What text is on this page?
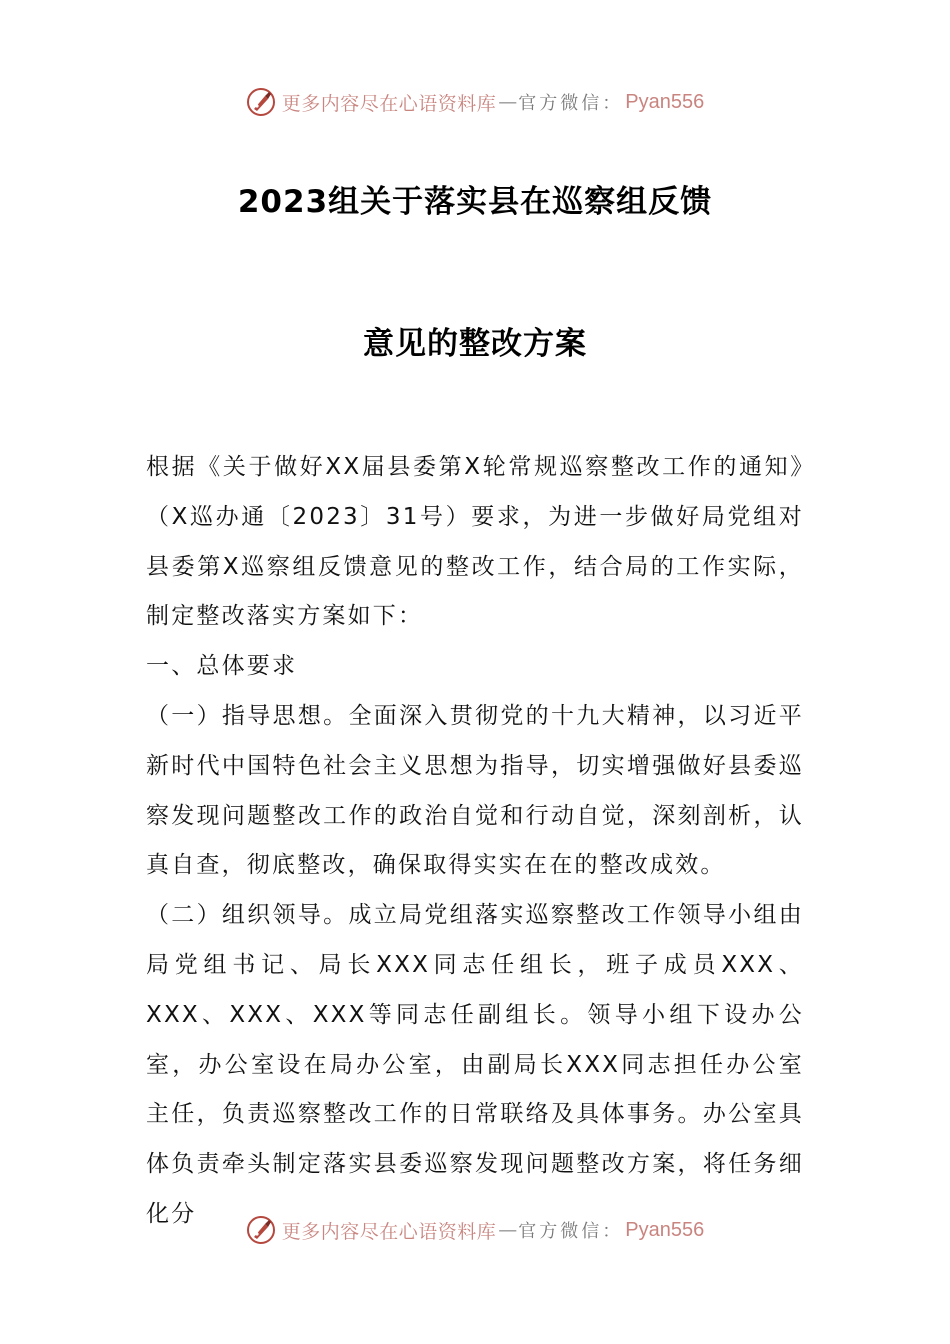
更多内容尽在心语资料库 — 官方微信： Pyan556
2023组关于落实县在巡察组反馈
意见的整改方案

根据《关于做好XX届县委第X轮常规巡察整改工作的通知》（X巡办通〔2023〕31号）要求，为进一步做好局党组对县委第X巡察组反馈意见的整改工作，结合局的工作实际，制定整改落实方案如下：

一、总体要求

（一）指导思想。全面深入贯彻党的十九大精神，以习近平新时代中国特色社会主义思想为指导，切实增强做好县委巡察发现问题整改工作的政治自觉和行动自觉，深刻剖析，认真自查，彻底整改，确保取得实实在在的整改成效。

（二）组织领导。成立局党组落实巡察整改工作领导小组由局党组书记、局长XXX同志任组长，班子成员XXX、XXX、XXX、XXX等同志任副组长。领导小组下设办公室，办公室设在局办公室，由副局长XXX同志担任办公室主任，负责巡察整改工作的日常联络及具体事务。办公室具体负责牵头制定落实县委巡察发现问题整改方案，将任务细化分

更多内容尽在心语资料库 — 官方微信： Pyan556
